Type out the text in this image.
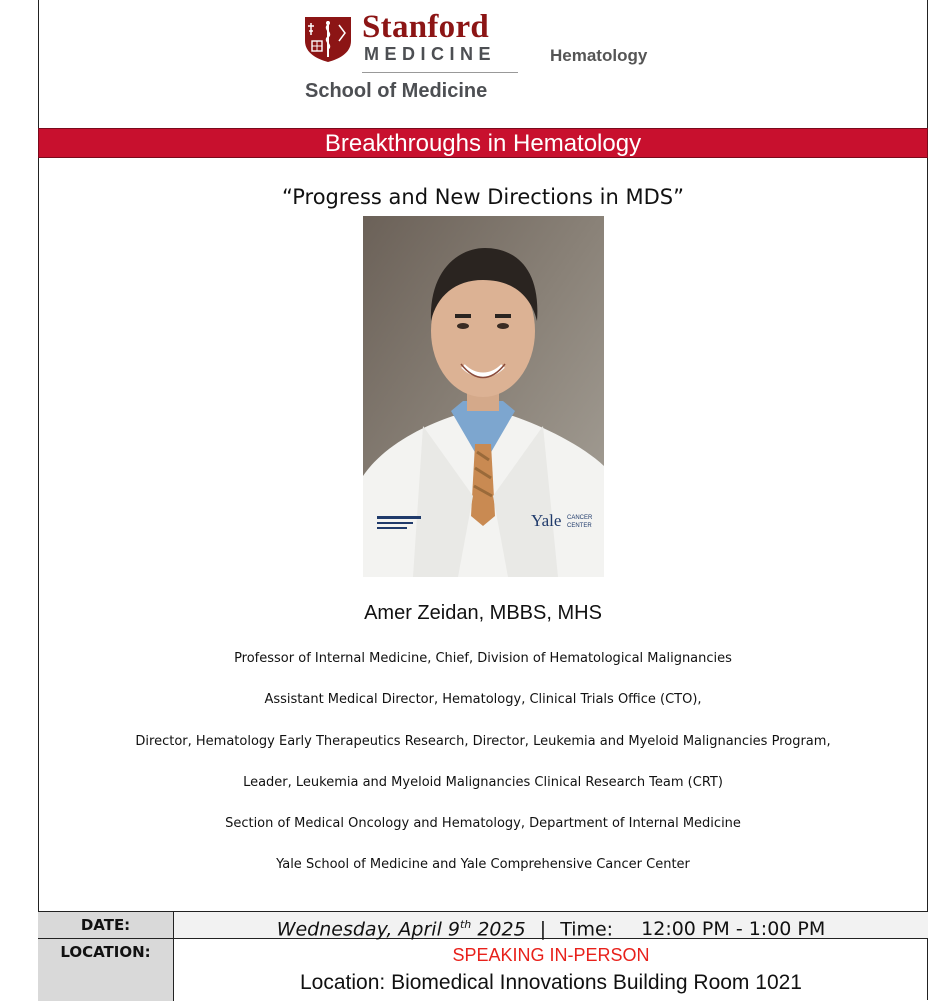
Stanford
MEDICINE
School of Medicine
Hematology
Breakthroughs in Hematology
“Progress and New Directions in MDS”
Yale CANCER
CENTER
Amer Zeidan, MBBS, MHS
Professor of Internal Medicine, Chief, Division of Hematological Malignancies
Assistant Medical Director, Hematology, Clinical Trials Office (CTO),
Director, Hematology Early Therapeutics Research, Director, Leukemia and Myeloid Malignancies Program,
Leader, Leukemia and Myeloid Malignancies Clinical Research Team (CRT)
Section of Medical Oncology and Hematology, Department of Internal Medicine
Yale School of Medicine and Yale Comprehensive Cancer Center
DATE:	Wednesday, April 9th 2025 | Time: 12:00 PM - 1:00 PM
LOCATION:	SPEAKING IN-PERSON
Location: Biomedical Innovations Building Room 1021
